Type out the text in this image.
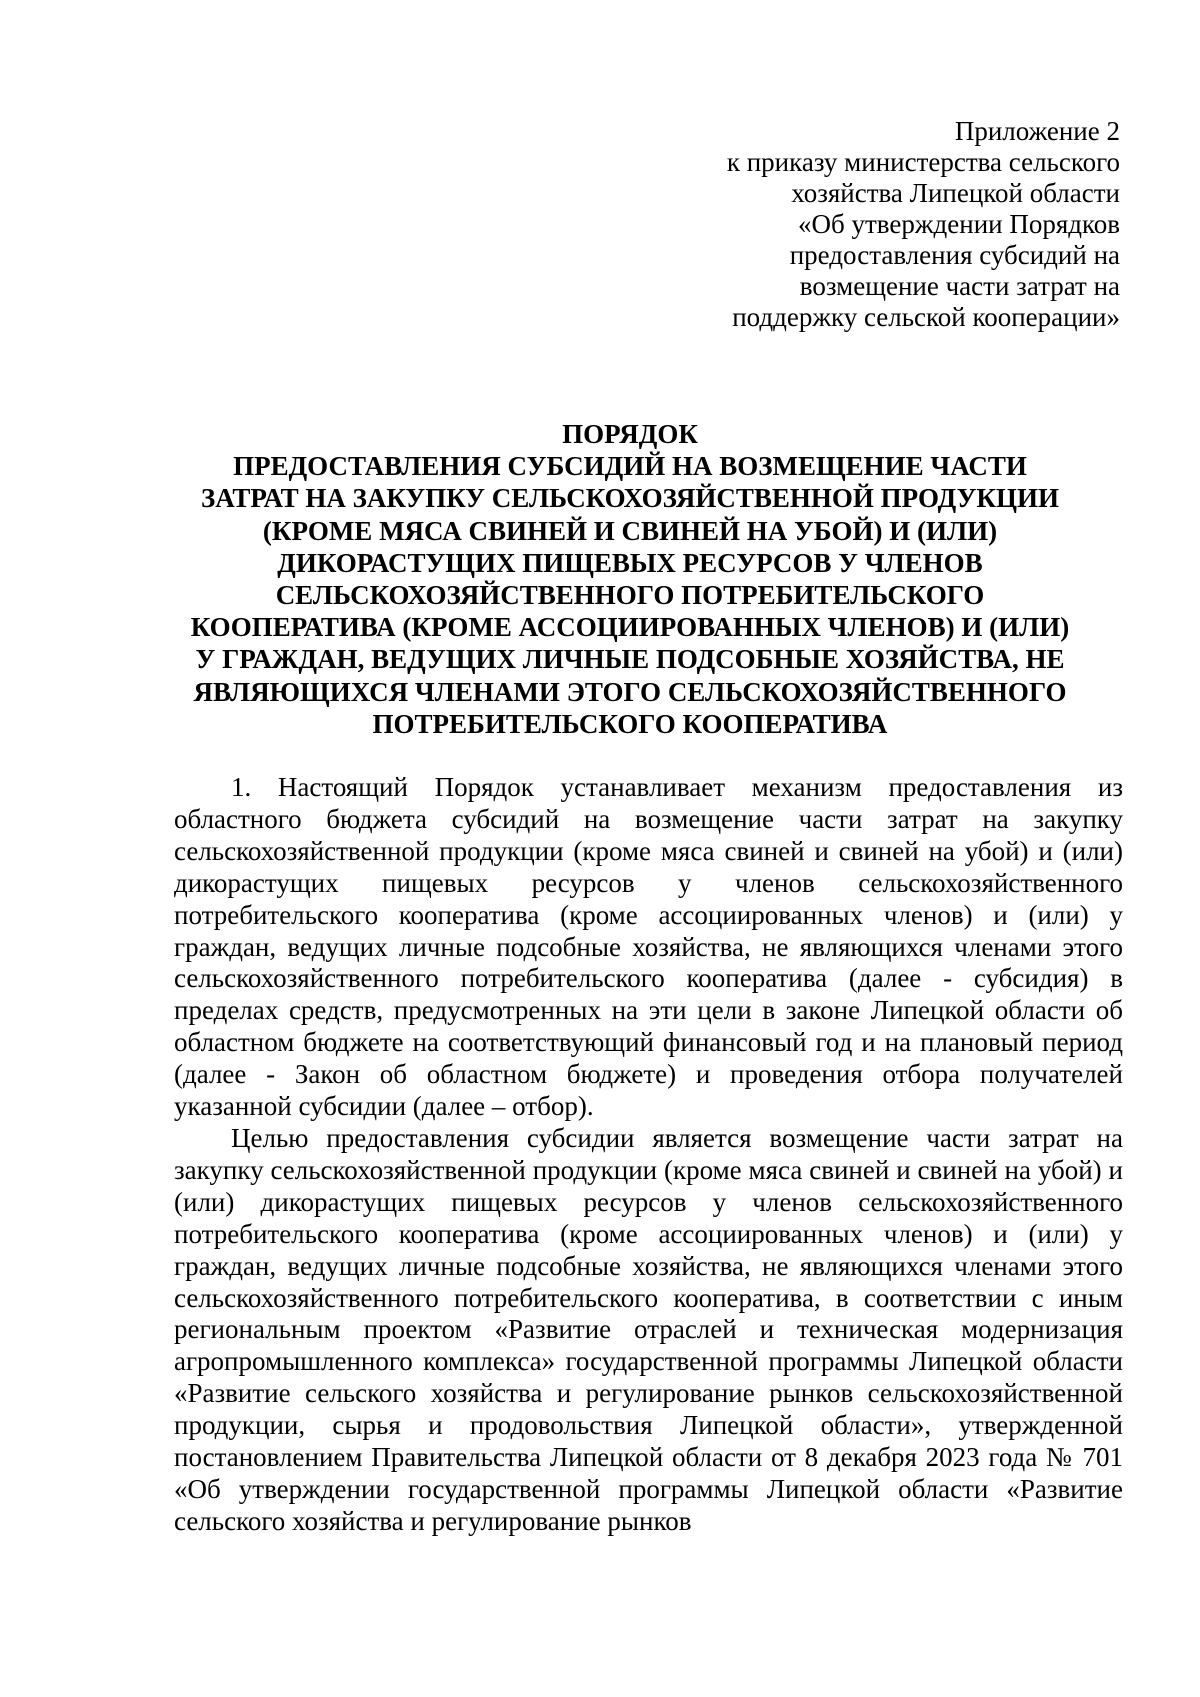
Приложение 2
к приказу министерства сельского
хозяйства Липецкой области
«Об утверждении Порядков
предоставления субсидий на
возмещение части затрат на
поддержку сельской кооперации»
ПОРЯДОК
ПРЕДОСТАВЛЕНИЯ СУБСИДИЙ НА ВОЗМЕЩЕНИЕ ЧАСТИ
ЗАТРАТ НА ЗАКУПКУ СЕЛЬСКОХОЗЯЙСТВЕННОЙ ПРОДУКЦИИ
(КРОМЕ МЯСА СВИНЕЙ И СВИНЕЙ НА УБОЙ) И (ИЛИ)
ДИКОРАСТУЩИХ ПИЩЕВЫХ РЕСУРСОВ У ЧЛЕНОВ
СЕЛЬСКОХОЗЯЙСТВЕННОГО ПОТРЕБИТЕЛЬСКОГО
КООПЕРАТИВА (КРОМЕ АССОЦИИРОВАННЫХ ЧЛЕНОВ) И (ИЛИ)
У ГРАЖДАН, ВЕДУЩИХ ЛИЧНЫЕ ПОДСОБНЫЕ ХОЗЯЙСТВА, НЕ
ЯВЛЯЮЩИХСЯ ЧЛЕНАМИ ЭТОГО СЕЛЬСКОХОЗЯЙСТВЕННОГО
ПОТРЕБИТЕЛЬСКОГО КООПЕРАТИВА

1. Настоящий Порядок устанавливает механизм предоставления из областного бюджета субсидий на возмещение части затрат на закупку сельскохозяйственной продукции (кроме мяса свиней и свиней на убой) и (или) дикорастущих пищевых ресурсов у членов сельскохозяйственного потребительского кооператива (кроме ассоциированных членов) и (или) у граждан, ведущих личные подсобные хозяйства, не являющихся членами этого сельскохозяйственного потребительского кооператива (далее - субсидия) в пределах средств, предусмотренных на эти цели в законе Липецкой области об областном бюджете на соответствующий финансовый год и на плановый период (далее - Закон об областном бюджете) и проведения отбора получателей указанной субсидии (далее – отбор).

Целью предоставления субсидии является возмещение части затрат на закупку сельскохозяйственной продукции (кроме мяса свиней и свиней на убой) и (или) дикорастущих пищевых ресурсов у членов сельскохозяйственного потребительского кооператива (кроме ассоциированных членов) и (или) у граждан, ведущих личные подсобные хозяйства, не являющихся членами этого сельскохозяйственного потребительского кооператива, в соответствии с иным региональным проектом «Развитие отраслей и техническая модернизация агропромышленного комплекса» государственной программы Липецкой области «Развитие сельского хозяйства и регулирование рынков сельскохозяйственной продукции, сырья и продовольствия Липецкой области», утвержденной постановлением Правительства Липецкой области от 8 декабря 2023 года № 701 «Об утверждении государственной программы Липецкой области «Развитие сельского хозяйства и регулирование рынков
